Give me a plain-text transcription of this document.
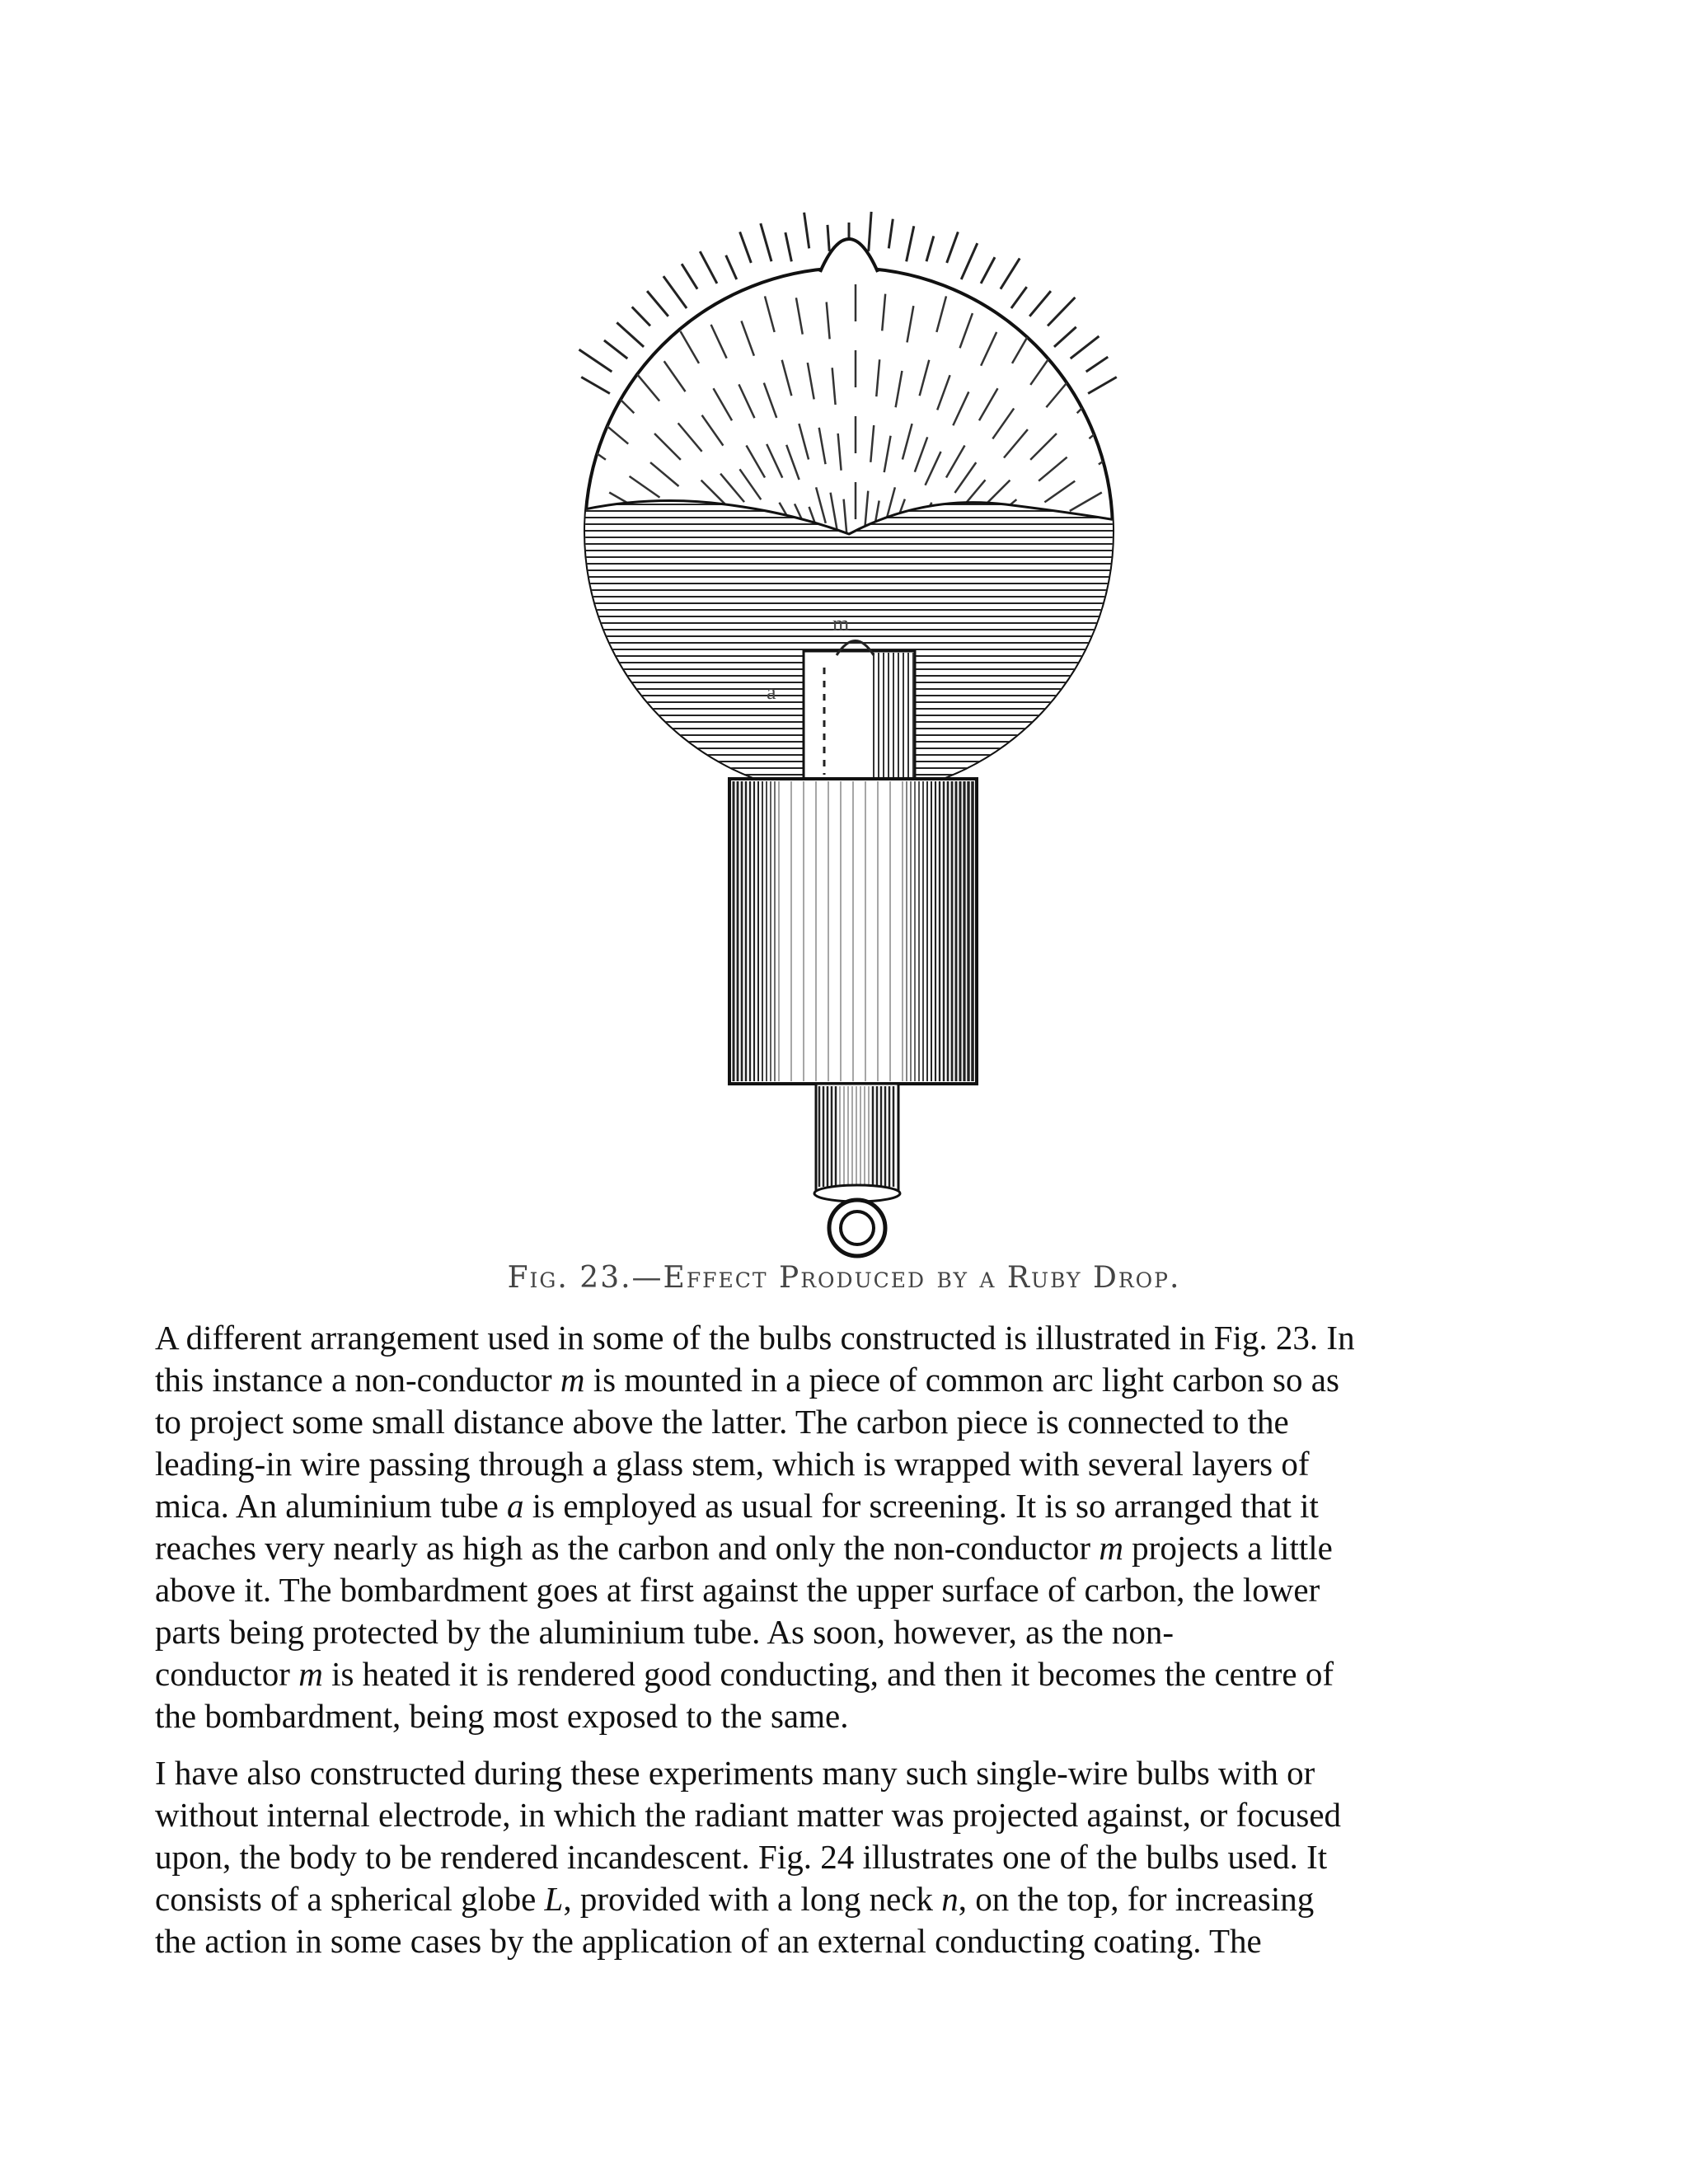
m
a
Fig. 23.—Effect Produced by a Ruby Drop.

A different arrangement used in some of the bulbs constructed is illustrated in Fig. 23. In
this instance a non-conductor m is mounted in a piece of common arc light carbon so as
to project some small distance above the latter. The carbon piece is connected to the
leading-in wire passing through a glass stem, which is wrapped with several layers of
mica. An aluminium tube a is employed as usual for screening. It is so arranged that it
reaches very nearly as high as the carbon and only the non-conductor m projects a little
above it. The bombardment goes at first against the upper surface of carbon, the lower
parts being protected by the aluminium tube. As soon, however, as the non-
conductor m is heated it is rendered good conducting, and then it becomes the centre of
the bombardment, being most exposed to the same.

I have also constructed during these experiments many such single-wire bulbs with or
without internal electrode, in which the radiant matter was projected against, or focused
upon, the body to be rendered incandescent. Fig. 24 illustrates one of the bulbs used. It
consists of a spherical globe L, provided with a long neck n, on the top, for increasing
the action in some cases by the application of an external conducting coating. The
